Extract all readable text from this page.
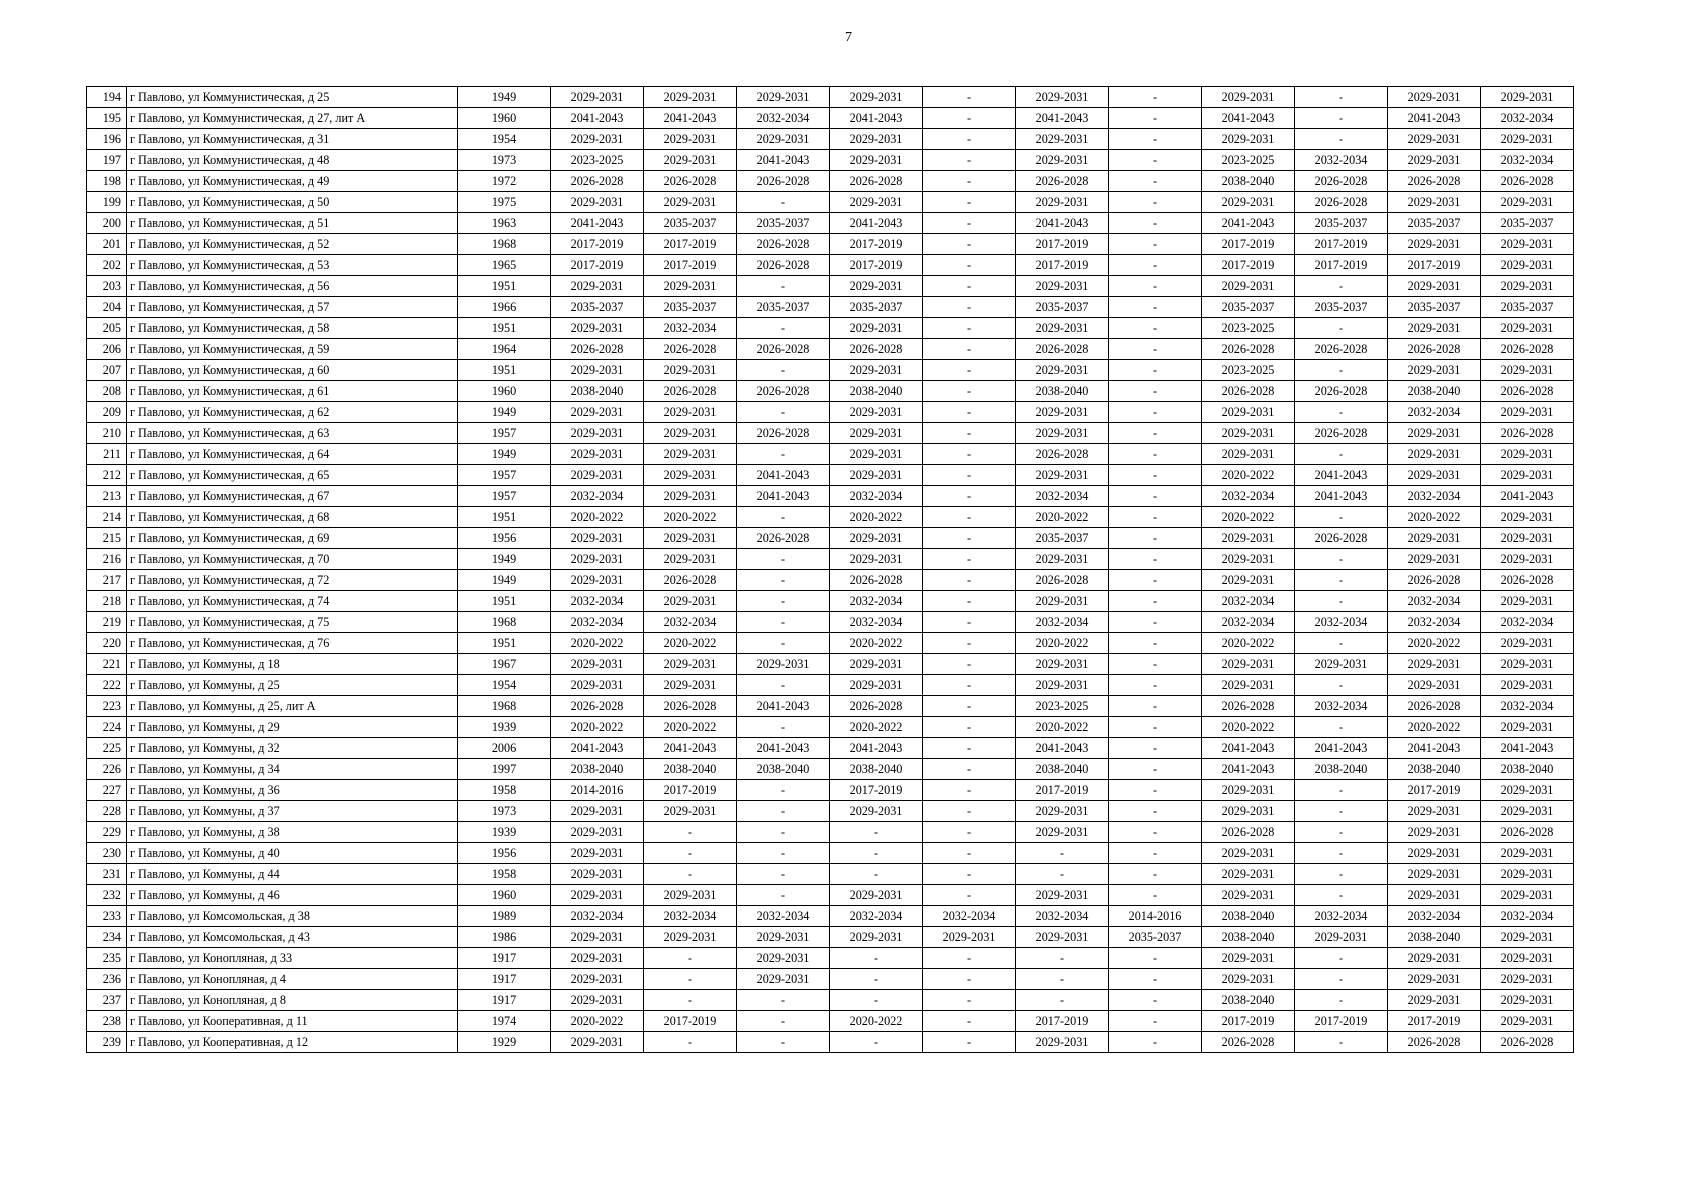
7
194	г Павлово, ул Коммунистическая, д 25	1949	2029-2031	2029-2031	2029-2031	2029-2031	-	2029-2031	-	2029-2031	-	2029-2031	2029-2031
195	г Павлово, ул Коммунистическая, д 27, лит А	1960	2041-2043	2041-2043	2032-2034	2041-2043	-	2041-2043	-	2041-2043	-	2041-2043	2032-2034
196	г Павлово, ул Коммунистическая, д 31	1954	2029-2031	2029-2031	2029-2031	2029-2031	-	2029-2031	-	2029-2031	-	2029-2031	2029-2031
197	г Павлово, ул Коммунистическая, д 48	1973	2023-2025	2029-2031	2041-2043	2029-2031	-	2029-2031	-	2023-2025	2032-2034	2029-2031	2032-2034
198	г Павлово, ул Коммунистическая, д 49	1972	2026-2028	2026-2028	2026-2028	2026-2028	-	2026-2028	-	2038-2040	2026-2028	2026-2028	2026-2028
199	г Павлово, ул Коммунистическая, д 50	1975	2029-2031	2029-2031	-	2029-2031	-	2029-2031	-	2029-2031	2026-2028	2029-2031	2029-2031
200	г Павлово, ул Коммунистическая, д 51	1963	2041-2043	2035-2037	2035-2037	2041-2043	-	2041-2043	-	2041-2043	2035-2037	2035-2037	2035-2037
201	г Павлово, ул Коммунистическая, д 52	1968	2017-2019	2017-2019	2026-2028	2017-2019	-	2017-2019	-	2017-2019	2017-2019	2029-2031	2029-2031
202	г Павлово, ул Коммунистическая, д 53	1965	2017-2019	2017-2019	2026-2028	2017-2019	-	2017-2019	-	2017-2019	2017-2019	2017-2019	2029-2031
203	г Павлово, ул Коммунистическая, д 56	1951	2029-2031	2029-2031	-	2029-2031	-	2029-2031	-	2029-2031	-	2029-2031	2029-2031
204	г Павлово, ул Коммунистическая, д 57	1966	2035-2037	2035-2037	2035-2037	2035-2037	-	2035-2037	-	2035-2037	2035-2037	2035-2037	2035-2037
205	г Павлово, ул Коммунистическая, д 58	1951	2029-2031	2032-2034	-	2029-2031	-	2029-2031	-	2023-2025	-	2029-2031	2029-2031
206	г Павлово, ул Коммунистическая, д 59	1964	2026-2028	2026-2028	2026-2028	2026-2028	-	2026-2028	-	2026-2028	2026-2028	2026-2028	2026-2028
207	г Павлово, ул Коммунистическая, д 60	1951	2029-2031	2029-2031	-	2029-2031	-	2029-2031	-	2023-2025	-	2029-2031	2029-2031
208	г Павлово, ул Коммунистическая, д 61	1960	2038-2040	2026-2028	2026-2028	2038-2040	-	2038-2040	-	2026-2028	2026-2028	2038-2040	2026-2028
209	г Павлово, ул Коммунистическая, д 62	1949	2029-2031	2029-2031	-	2029-2031	-	2029-2031	-	2029-2031	-	2032-2034	2029-2031
210	г Павлово, ул Коммунистическая, д 63	1957	2029-2031	2029-2031	2026-2028	2029-2031	-	2029-2031	-	2029-2031	2026-2028	2029-2031	2026-2028
211	г Павлово, ул Коммунистическая, д 64	1949	2029-2031	2029-2031	-	2029-2031	-	2026-2028	-	2029-2031	-	2029-2031	2029-2031
212	г Павлово, ул Коммунистическая, д 65	1957	2029-2031	2029-2031	2041-2043	2029-2031	-	2029-2031	-	2020-2022	2041-2043	2029-2031	2029-2031
213	г Павлово, ул Коммунистическая, д 67	1957	2032-2034	2029-2031	2041-2043	2032-2034	-	2032-2034	-	2032-2034	2041-2043	2032-2034	2041-2043
214	г Павлово, ул Коммунистическая, д 68	1951	2020-2022	2020-2022	-	2020-2022	-	2020-2022	-	2020-2022	-	2020-2022	2029-2031
215	г Павлово, ул Коммунистическая, д 69	1956	2029-2031	2029-2031	2026-2028	2029-2031	-	2035-2037	-	2029-2031	2026-2028	2029-2031	2029-2031
216	г Павлово, ул Коммунистическая, д 70	1949	2029-2031	2029-2031	-	2029-2031	-	2029-2031	-	2029-2031	-	2029-2031	2029-2031
217	г Павлово, ул Коммунистическая, д 72	1949	2029-2031	2026-2028	-	2026-2028	-	2026-2028	-	2029-2031	-	2026-2028	2026-2028
218	г Павлово, ул Коммунистическая, д 74	1951	2032-2034	2029-2031	-	2032-2034	-	2029-2031	-	2032-2034	-	2032-2034	2029-2031
219	г Павлово, ул Коммунистическая, д 75	1968	2032-2034	2032-2034	-	2032-2034	-	2032-2034	-	2032-2034	2032-2034	2032-2034	2032-2034
220	г Павлово, ул Коммунистическая, д 76	1951	2020-2022	2020-2022	-	2020-2022	-	2020-2022	-	2020-2022	-	2020-2022	2029-2031
221	г Павлово, ул Коммуны, д 18	1967	2029-2031	2029-2031	2029-2031	2029-2031	-	2029-2031	-	2029-2031	2029-2031	2029-2031	2029-2031
222	г Павлово, ул Коммуны, д 25	1954	2029-2031	2029-2031	-	2029-2031	-	2029-2031	-	2029-2031	-	2029-2031	2029-2031
223	г Павлово, ул Коммуны, д 25, лит А	1968	2026-2028	2026-2028	2041-2043	2026-2028	-	2023-2025	-	2026-2028	2032-2034	2026-2028	2032-2034
224	г Павлово, ул Коммуны, д 29	1939	2020-2022	2020-2022	-	2020-2022	-	2020-2022	-	2020-2022	-	2020-2022	2029-2031
225	г Павлово, ул Коммуны, д 32	2006	2041-2043	2041-2043	2041-2043	2041-2043	-	2041-2043	-	2041-2043	2041-2043	2041-2043	2041-2043
226	г Павлово, ул Коммуны, д 34	1997	2038-2040	2038-2040	2038-2040	2038-2040	-	2038-2040	-	2041-2043	2038-2040	2038-2040	2038-2040
227	г Павлово, ул Коммуны, д 36	1958	2014-2016	2017-2019	-	2017-2019	-	2017-2019	-	2029-2031	-	2017-2019	2029-2031
228	г Павлово, ул Коммуны, д 37	1973	2029-2031	2029-2031	-	2029-2031	-	2029-2031	-	2029-2031	-	2029-2031	2029-2031
229	г Павлово, ул Коммуны, д 38	1939	2029-2031	-	-	-	-	2029-2031	-	2026-2028	-	2029-2031	2026-2028
230	г Павлово, ул Коммуны, д 40	1956	2029-2031	-	-	-	-	-	-	2029-2031	-	2029-2031	2029-2031
231	г Павлово, ул Коммуны, д 44	1958	2029-2031	-	-	-	-	-	-	2029-2031	-	2029-2031	2029-2031
232	г Павлово, ул Коммуны, д 46	1960	2029-2031	2029-2031	-	2029-2031	-	2029-2031	-	2029-2031	-	2029-2031	2029-2031
233	г Павлово, ул Комсомольская, д 38	1989	2032-2034	2032-2034	2032-2034	2032-2034	2032-2034	2032-2034	2014-2016	2038-2040	2032-2034	2032-2034	2032-2034
234	г Павлово, ул Комсомольская, д 43	1986	2029-2031	2029-2031	2029-2031	2029-2031	2029-2031	2029-2031	2035-2037	2038-2040	2029-2031	2038-2040	2029-2031
235	г Павлово, ул Конопляная, д 33	1917	2029-2031	-	2029-2031	-	-	-	-	2029-2031	-	2029-2031	2029-2031
236	г Павлово, ул Конопляная, д 4	1917	2029-2031	-	2029-2031	-	-	-	-	2029-2031	-	2029-2031	2029-2031
237	г Павлово, ул Конопляная, д 8	1917	2029-2031	-	-	-	-	-	-	2038-2040	-	2029-2031	2029-2031
238	г Павлово, ул Кооперативная, д 11	1974	2020-2022	2017-2019	-	2020-2022	-	2017-2019	-	2017-2019	2017-2019	2017-2019	2029-2031
239	г Павлово, ул Кооперативная, д 12	1929	2029-2031	-	-	-	-	2029-2031	-	2026-2028	-	2026-2028	2026-2028
